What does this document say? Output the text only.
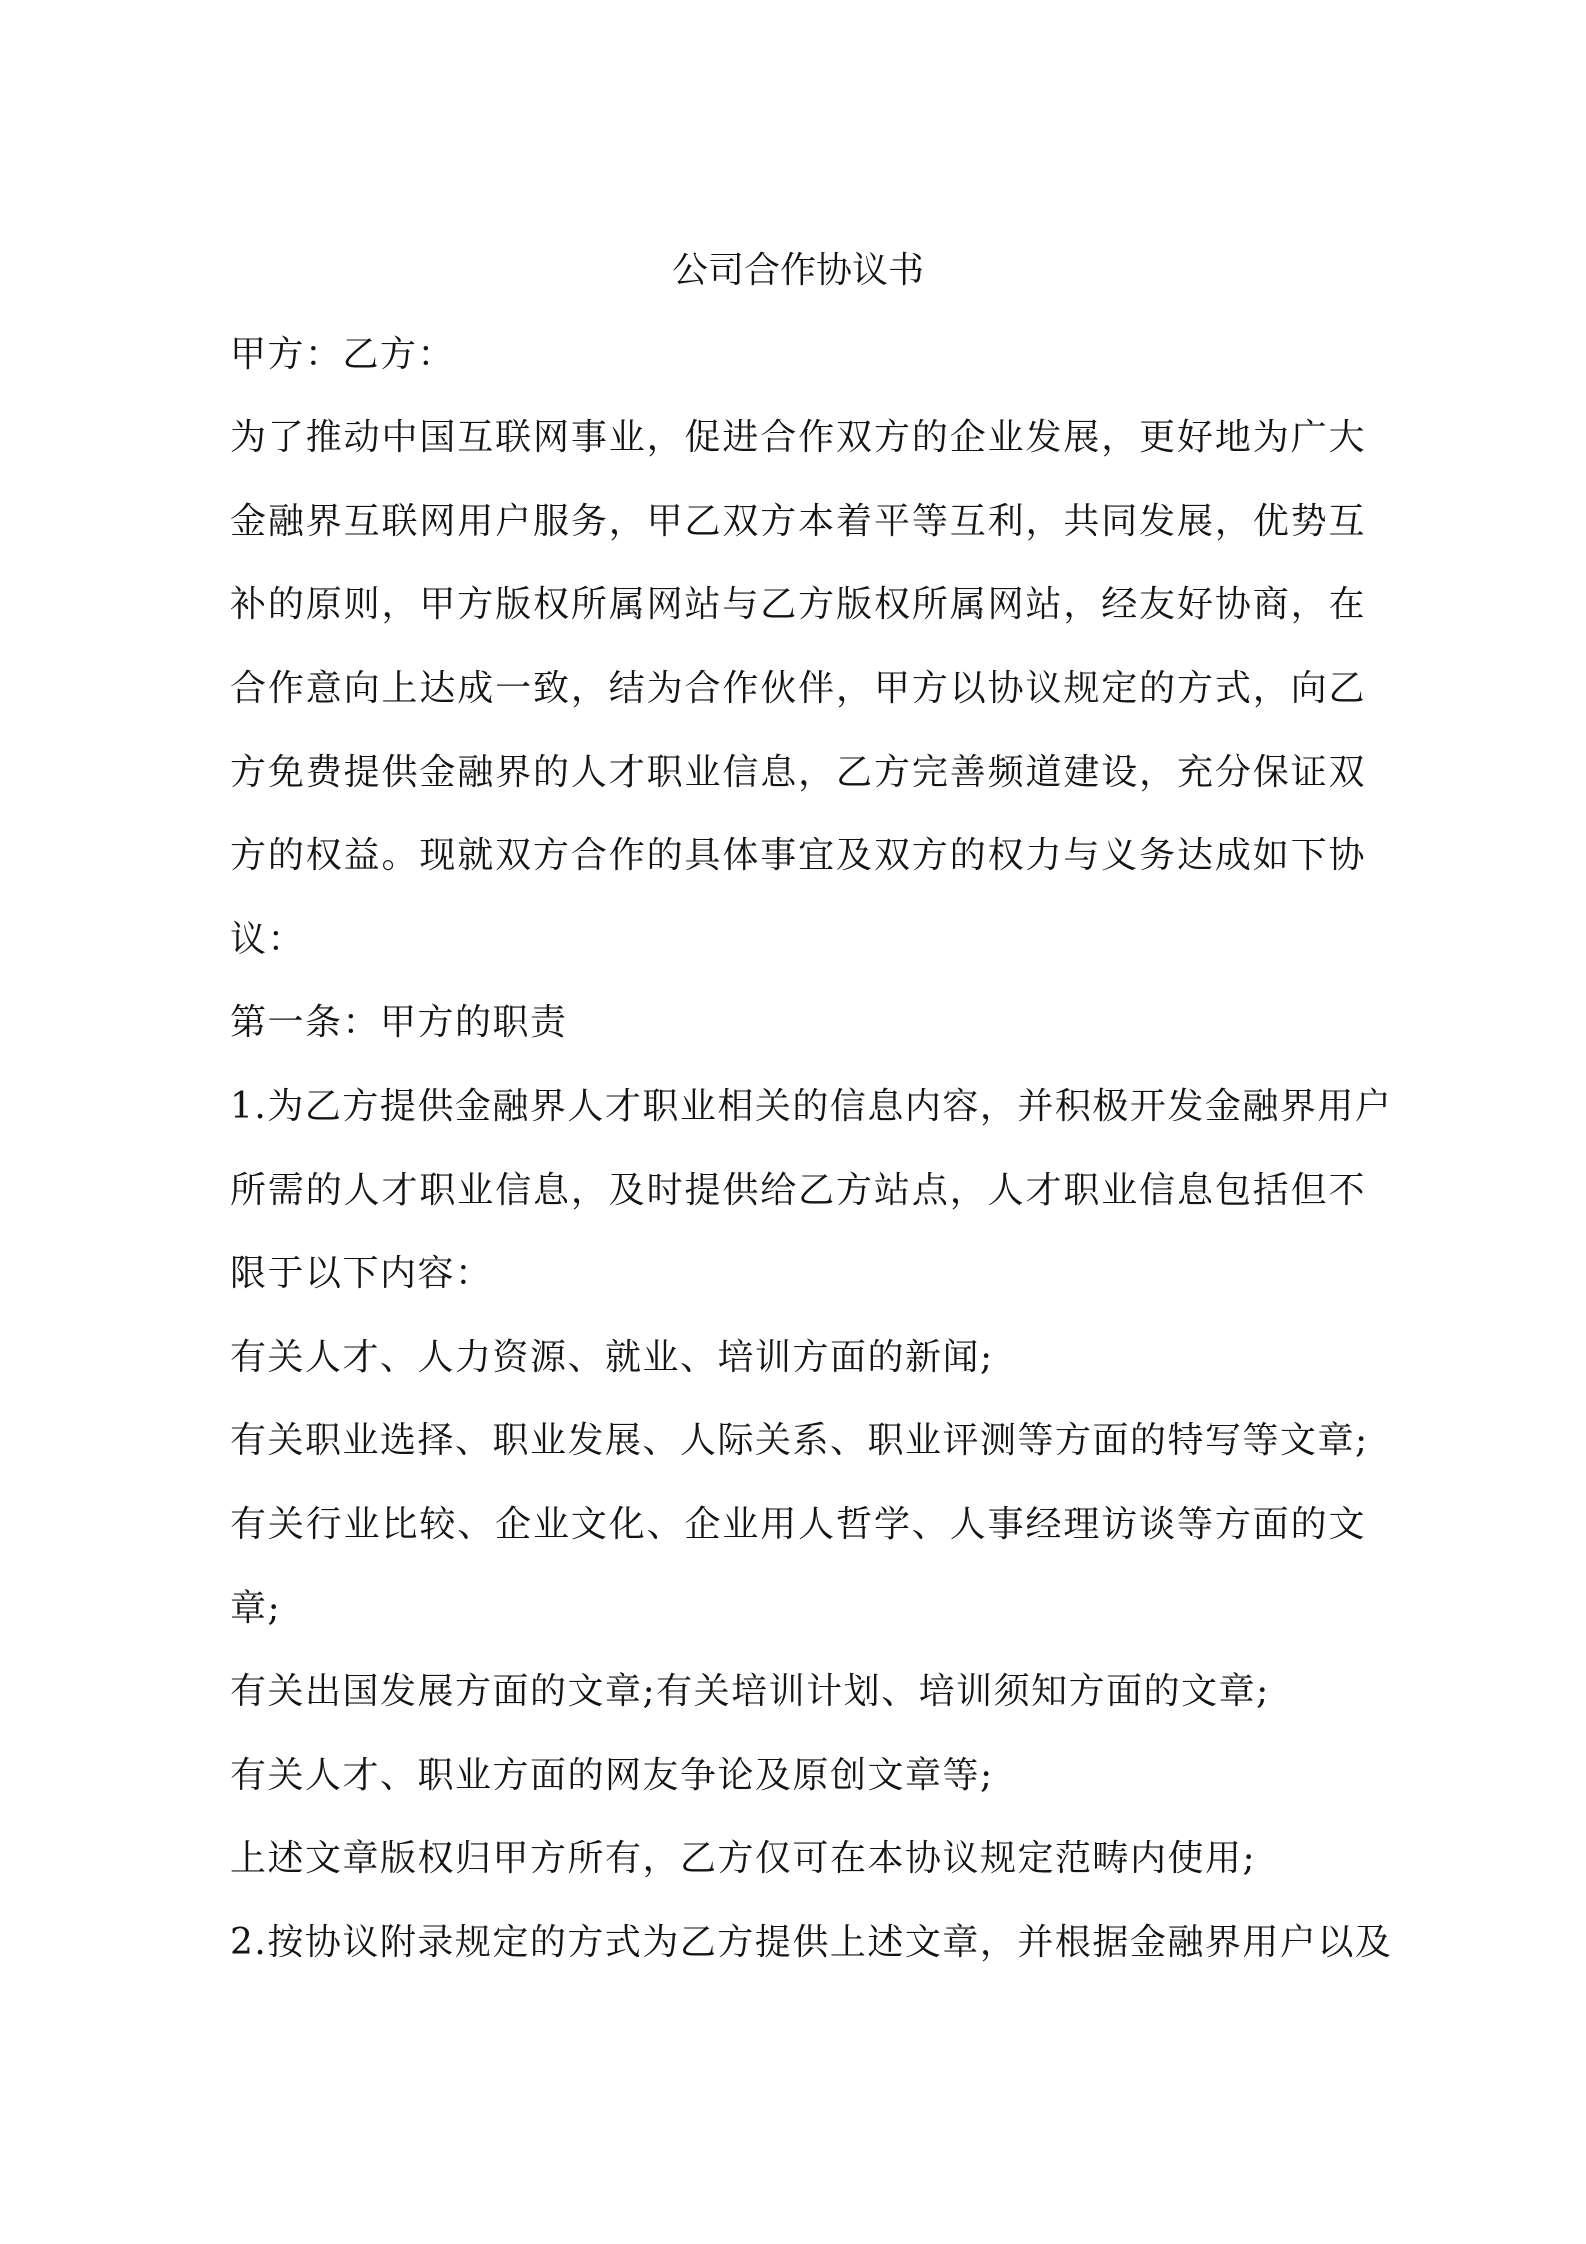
公司合作协议书
甲方：乙方：
为了推动中国互联网事业，促进合作双方的企业发展，更好地为广大
金融界互联网用户服务，甲乙双方本着平等互利，共同发展，优势互
补的原则，甲方版权所属网站与乙方版权所属网站，经友好协商，在
合作意向上达成一致，结为合作伙伴，甲方以协议规定的方式，向乙
方免费提供金融界的人才职业信息，乙方完善频道建设，充分保证双
方的权益。现就双方合作的具体事宜及双方的权力与义务达成如下协
议：
第一条：甲方的职责
1.为乙方提供金融界人才职业相关的信息内容，并积极开发金融界用户
所需的人才职业信息，及时提供给乙方站点，人才职业信息包括但不
限于以下内容：
有关人才、人力资源、就业、培训方面的新闻;
有关职业选择、职业发展、人际关系、职业评测等方面的特写等文章;
有关行业比较、企业文化、企业用人哲学、人事经理访谈等方面的文
章;
有关出国发展方面的文章;有关培训计划、培训须知方面的文章;
有关人才、职业方面的网友争论及原创文章等;
上述文章版权归甲方所有，乙方仅可在本协议规定范畴内使用;
2.按协议附录规定的方式为乙方提供上述文章，并根据金融界用户以及
